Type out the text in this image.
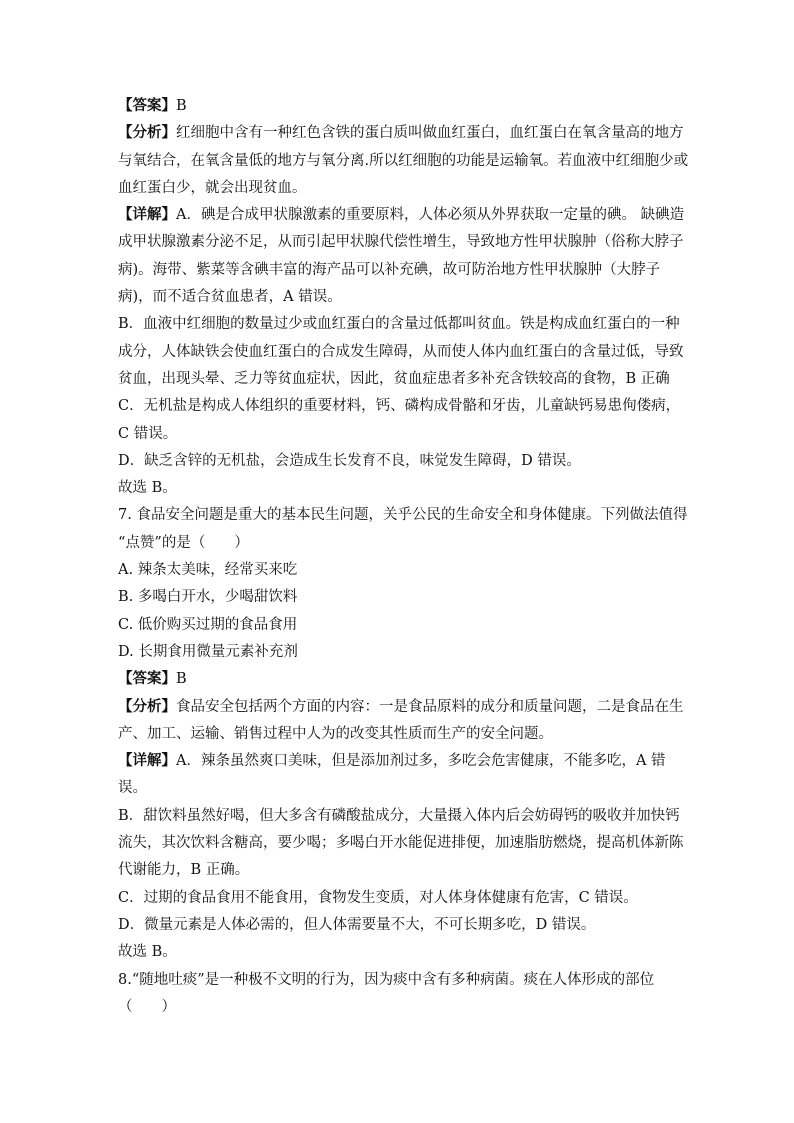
【答案】B
【分析】红细胞中含有一种红色含铁的蛋白质叫做血红蛋白，血红蛋白在氧含量高的地方
与氧结合，在氧含量低的地方与氧分离.所以红细胞的功能是运输氧。若血液中红细胞少或
血红蛋白少，就会出现贫血。
【详解】A．碘是合成甲状腺激素的重要原料，人体必须从外界获取一定量的碘。 缺碘造
成甲状腺激素分泌不足，从而引起甲状腺代偿性增生，导致地方性甲状腺肿（俗称大脖子
病)。海带、紫菜等含碘丰富的海产品可以补充碘，故可防治地方性甲状腺肿（大脖子
病)，而不适合贫血患者，A 错误。
B．血液中红细胞的数量过少或血红蛋白的含量过低都叫贫血。铁是构成血红蛋白的一种
成分，人体缺铁会使血红蛋白的合成发生障碍，从而使人体内血红蛋白的含量过低，导致
贫血，出现头晕、乏力等贫血症状，因此，贫血症患者多补充含铁较高的食物，B 正确
C．无机盐是构成人体组织的重要材料，钙、磷构成骨骼和牙齿，儿童缺钙易患佝偻病，
C 错误。
D．缺乏含锌的无机盐，会造成生长发育不良，味觉发生障碍，D 错误。
故选 B。
7. 食品安全问题是重大的基本民生问题，关乎公民的生命安全和身体健康。下列做法值得
“点赞”的是（　　）
A. 辣条太美味，经常买来吃
B. 多喝白开水，少喝甜饮料
C. 低价购买过期的食品食用
D. 长期食用微量元素补充剂
【答案】B
【分析】食品安全包括两个方面的内容：一是食品原料的成分和质量问题，二是食品在生
产、加工、运输、销售过程中人为的改变其性质而生产的安全问题。
【详解】A．辣条虽然爽口美味，但是添加剂过多，多吃会危害健康，不能多吃，A 错
误。
B．甜饮料虽然好喝，但大多含有磷酸盐成分，大量摄入体内后会妨碍钙的吸收并加快钙
流失，其次饮料含糖高，要少喝；多喝白开水能促进排便，加速脂肪燃烧，提高机体新陈
代谢能力，B 正确。
C．过期的食品食用不能食用，食物发生变质，对人体身体健康有危害，C 错误。
D．微量元素是人体必需的，但人体需要量不大，不可长期多吃，D 错误。
故选 B。
8.“随地吐痰”是一种极不文明的行为，因为痰中含有多种病菌。痰在人体形成的部位
（　　）
